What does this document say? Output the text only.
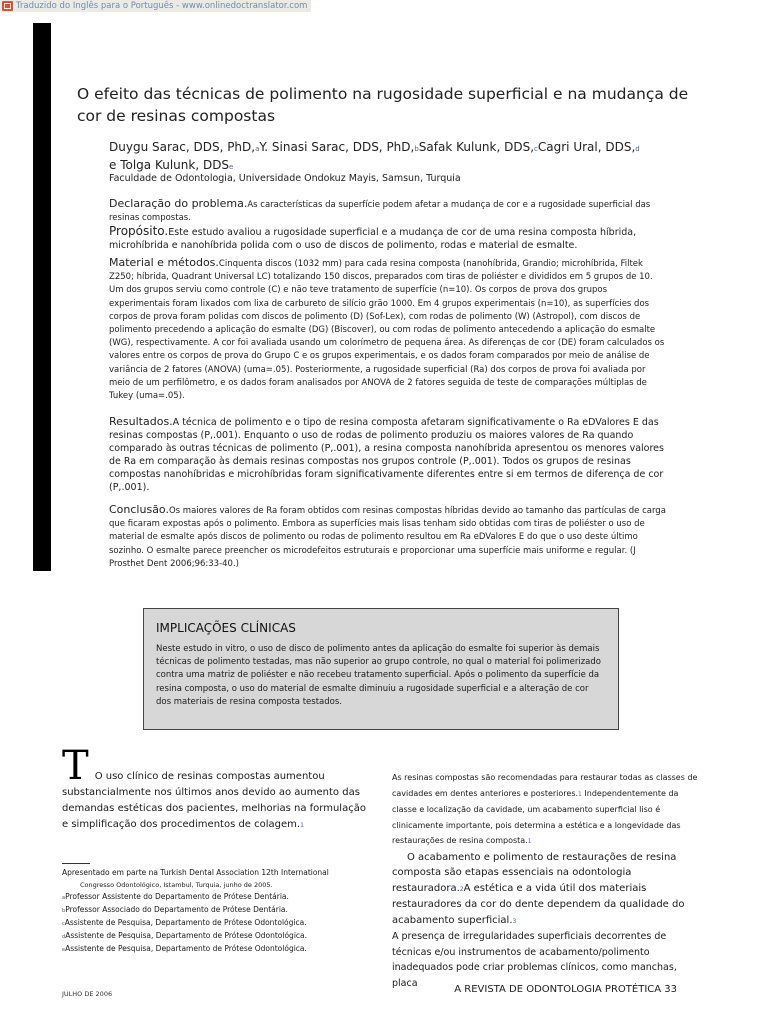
Traduzido do Inglês para o Português - www.onlinedoctranslator.com
O efeito das técnicas de polimento na rugosidade superficial e na mudança de cor de resinas compostas
Duygu Sarac, DDS, PhD,aY. Sinasi Sarac, DDS, PhD,bSafak Kulunk, DDS,cCagri Ural, DDS,d
e Tolga Kulunk, DDSe
Faculdade de Odontologia, Universidade Ondokuz Mayis, Samsun, Turquia

Declaração do problema.As características da superfície podem afetar a mudança de cor e a rugosidade superficial das resinas compostas.

Propósito.Este estudo avaliou a rugosidade superficial e a mudança de cor de uma resina composta híbrida, microhíbrida e nanohíbrida polida com o uso de discos de polimento, rodas e material de esmalte.

Material e métodos.Cinquenta discos (1032 mm) para cada resina composta (nanohíbrida, Grandio; microhíbrida, Filtek Z250; híbrida, Quadrant Universal LC) totalizando 150 discos, preparados com tiras de poliéster e divididos em 5 grupos de 10. Um dos grupos serviu como controle (C) e não teve tratamento de superfície (n=10). Os corpos de prova dos grupos experimentais foram lixados com lixa de carbureto de silício grão 1000. Em 4 grupos experimentais (n=10), as superfícies dos corpos de prova foram polidas com discos de polimento (D) (Sof-Lex), com rodas de polimento (W) (Astropol), com discos de polimento precedendo a aplicação do esmalte (DG) (Biscover), ou com rodas de polimento antecedendo a aplicação do esmalte (WG), respectivamente. A cor foi avaliada usando um colorímetro de pequena área. As diferenças de cor (DE) foram calculados os valores entre os corpos de prova do Grupo C e os grupos experimentais, e os dados foram comparados por meio de análise de variância de 2 fatores (ANOVA) (uma=.05). Posteriormente, a rugosidade superficial (Ra) dos corpos de prova foi avaliada por meio de um perfilômetro, e os dados foram analisados por ANOVA de 2 fatores seguida de teste de comparações múltiplas de Tukey (uma=.05).

Resultados.A técnica de polimento e o tipo de resina composta afetaram significativamente o Ra eDValores E das resinas compostas (P,.001). Enquanto o uso de rodas de polimento produziu os maiores valores de Ra quando comparado às outras técnicas de polimento (P,.001), a resina composta nanohíbrida apresentou os menores valores de Ra em comparação às demais resinas compostas nos grupos controle (P,.001). Todos os grupos de resinas compostas nanohíbridas e microhíbridas foram significativamente diferentes entre si em termos de diferença de cor (P,.001).

Conclusão.Os maiores valores de Ra foram obtidos com resinas compostas híbridas devido ao tamanho das partículas de carga que ficaram expostas após o polimento. Embora as superfícies mais lisas tenham sido obtidas com tiras de poliéster o uso de material de esmalte após discos de polimento ou rodas de polimento resultou em Ra eDValores E do que o uso deste último sozinho. O esmalte parece preencher os microdefeitos estruturais e proporcionar uma superfície mais uniforme e regular. (J Prosthet Dent 2006;96:33-40.)

IMPLICAÇÕES CLÍNICAS

Neste estudo in vitro, o uso de disco de polimento antes da aplicação do esmalte foi superior às demais técnicas de polimento testadas, mas não superior ao grupo controle, no qual o material foi polimerizado contra uma matriz de poliéster e não recebeu tratamento superficial. Após o polimento da superfície da resina composta, o uso do material de esmalte diminuiu a rugosidade superficial e a alteração de cor dos materiais de resina composta testados.

T O uso clínico de resinas compostas aumentou substancialmente nos últimos anos devido ao aumento das demandas estéticas dos pacientes, melhorias na formulação e simplificação dos procedimentos de colagem.1
Apresentado em parte na Turkish Dental Association 12th International
Congresso Odontológico, Istambul, Turquia, junho de 2005.
aProfessor Assistente do Departamento de Prótese Dentária.
bProfessor Associado do Departamento de Prótese Dentária.
cAssistente de Pesquisa, Departamento de Prótese Odontológica.
dAssistente de Pesquisa, Departamento de Prótese Odontológica.
eAssistente de Pesquisa, Departamento de Prótese Odontológica.

As resinas compostas são recomendadas para restaurar todas as classes de cavidades em dentes anteriores e posteriores.1 Independentemente da classe e localização da cavidade, um acabamento superficial liso é clinicamente importante, pois determina a estética e a longevidade das restaurações de resina composta.1

O acabamento e polimento de restaurações de resina composta são etapas essenciais na odontologia restauradora.2A estética e a vida útil dos materiais restauradores da cor do dente dependem da qualidade do acabamento superficial.3

A presença de irregularidades superficiais decorrentes de técnicas e/ou instrumentos de acabamento/polimento inadequados pode criar problemas clínicos, como manchas, placa

JULHO DE 2006	A REVISTA DE ODONTOLOGIA PROTÉTICA 33
